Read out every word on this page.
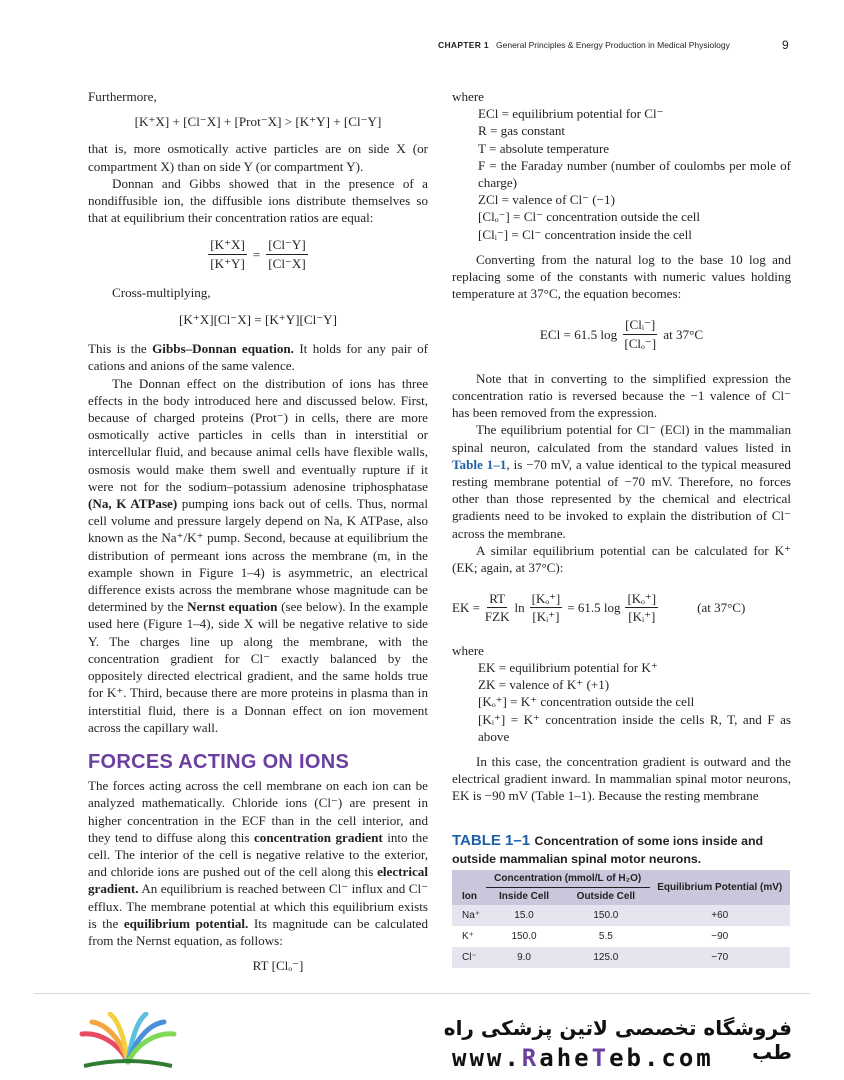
CHAPTER 1 General Principles & Energy Production in Medical Physiology	9

Furthermore,

[K⁺X] + [Cl⁻X] + [Prot⁻X] > [K⁺Y] + [Cl⁻Y]

that is, more osmotically active particles are on side X (or compartment X) than on side Y (or compartment Y).

Donnan and Gibbs showed that in the presence of a nondiffusible ion, the diffusible ions distribute themselves so that at equilibrium their concentration ratios are equal:

$\frac{[K^+X]}{[K^+Y]} = \frac{[Cl^-Y]}{[Cl^-X]}$

Cross-multiplying,

[K⁺X][Cl⁻X] = [K⁺Y][Cl⁻Y]

This is the Gibbs–Donnan equation. It holds for any pair of cations and anions of the same valence.

The Donnan effect on the distribution of ions has three effects in the body introduced here and discussed below. First, because of charged proteins (Prot⁻) in cells, there are more osmotically active particles in cells than in interstitial or intercellular fluid, and because animal cells have flexible walls, osmosis would make them swell and eventually rupture if it were not for the sodium–potassium adenosine triphosphatase (Na, K ATPase) pumping ions back out of cells. Thus, normal cell volume and pressure largely depend on Na, K ATPase, also known as the Na⁺/K⁺ pump. Second, because at equilibrium the distribution of permeant ions across the membrane (m, in the example shown in Figure 1–4) is asymmetric, an electrical difference exists across the membrane whose magnitude can be determined by the Nernst equation (see below). In the example used here (Figure 1–4), side X will be negative relative to side Y. The charges line up along the membrane, with the concentration gradient for Cl⁻ exactly balanced by the oppositely directed electrical gradient, and the same holds true for K⁺. Third, because there are more proteins in plasma than in interstitial fluid, there is a Donnan effect on ion movement across the capillary wall.

FORCES ACTING ON IONS

The forces acting across the cell membrane on each ion can be analyzed mathematically. Chloride ions (Cl⁻) are present in higher concentration in the ECF than in the cell interior, and they tend to diffuse along this concentration gradient into the cell. The interior of the cell is negative relative to the exterior, and chloride ions are pushed out of the cell along this electrical gradient. An equilibrium is reached between Cl⁻ influx and Cl⁻ efflux. The membrane potential at which this equilibrium exists is the equilibrium potential. Its magnitude can be calculated from the Nernst equation, as follows:

RT [Clₒ⁻]

where

ECl = equilibrium potential for Cl⁻
R = gas constant
T = absolute temperature
F = the Faraday number (number of coulombs per mole of charge)
ZCl = valence of Cl⁻ (−1)
[Clₒ⁻] = Cl⁻ concentration outside the cell
[Clᵢ⁻] = Cl⁻ concentration inside the cell

Converting from the natural log to the base 10 log and replacing some of the constants with numeric values holding temperature at 37°C, the equation becomes:

ECl = 61.5 log
[Clᵢ⁻]
[Clₒ⁻]
at 37°C

Note that in converting to the simplified expression the concentration ratio is reversed because the −1 valence of Cl⁻ has been removed from the expression.

The equilibrium potential for Cl⁻ (ECl) in the mammalian spinal neuron, calculated from the standard values listed in Table 1–1, is −70 mV, a value identical to the typical measured resting membrane potential of −70 mV. Therefore, no forces other than those represented by the chemical and electrical gradients need to be invoked to explain the distribution of Cl⁻ across the membrane.

A similar equilibrium potential can be calculated for K⁺ (EK; again, at 37°C):

EK =
RT
FZK
$\ln \frac{\text{[Kₒ⁺]}}{\text{[Kᵢ⁺]}} = 61.5$ $\log \frac{\text{[Kₒ⁺]}}{\text{[Kᵢ⁺]}}$	(at 37°C)

where

EK = equilibrium potential for K⁺
ZK = valence of K⁺ (+1)
[Kₒ⁺] = K⁺ concentration outside the cell
[Kᵢ⁺] = K⁺ concentration inside the cells R, T, and F as above

In this case, the concentration gradient is outward and the electrical gradient inward. In mammalian spinal motor neurons, EK is −90 mV (Table 1–1). Because the resting membrane

TABLE 1–1 Concentration of some ions inside and outside mammalian spinal motor neurons.
Ion	Concentration (mmol/L of H₂O)		Equilibrium Potential (mV)
	Inside Cell	Outside Cell	
Na⁺	15.0	150.0	+60
K⁺	150.0	5.5	−90
Cl⁻	9.0	125.0	−70
فروشگاه تخصصی لاتین پزشکی راه طب
www.RaheTeb.com
